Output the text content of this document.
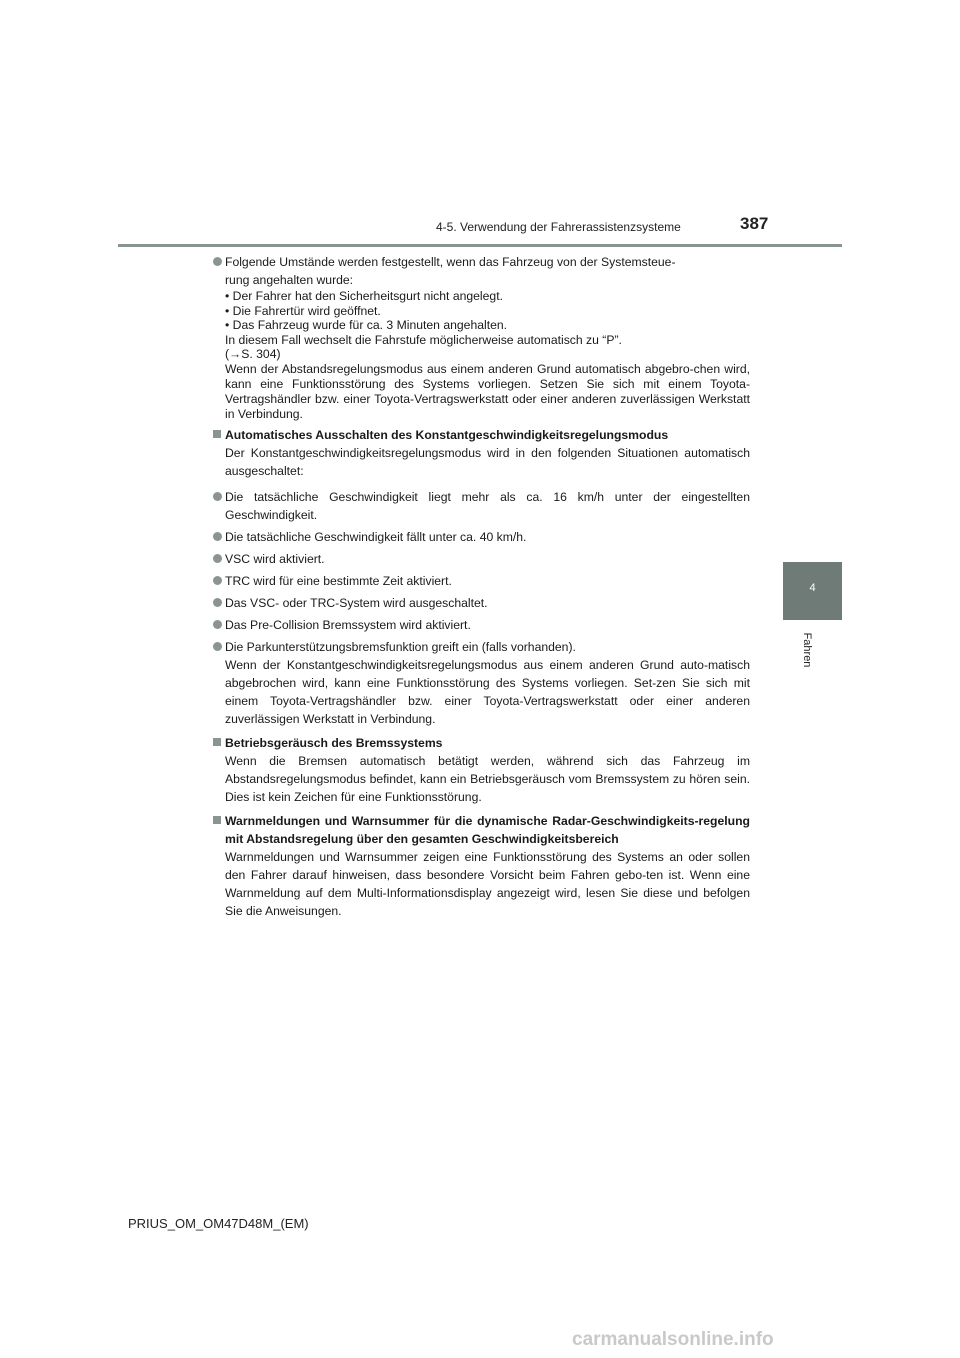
4-5. Verwendung der Fahrerassistenzsysteme	387
4
Fahren

Folgende Umstände werden festgestellt, wenn das Fahrzeug von der Systemsteue-

rung angehalten wurde:

• Der Fahrer hat den Sicherheitsgurt nicht angelegt.

• Die Fahrertür wird geöffnet.

• Das Fahrzeug wurde für ca. 3 Minuten angehalten.

In diesem Fall wechselt die Fahrstufe möglicherweise automatisch zu “P”.

(→S. 304)

Wenn der Abstandsregelungsmodus aus einem anderen Grund automatisch abgebro-chen wird, kann eine Funktionsstörung des Systems vorliegen. Setzen Sie sich mit einem Toyota-Vertragshändler bzw. einer Toyota-Vertragswerkstatt oder einer anderen zuverlässigen Werkstatt in Verbindung.

Automatisches Ausschalten des Konstantgeschwindigkeitsregelungsmodus

Der Konstantgeschwindigkeitsregelungsmodus wird in den folgenden Situationen automatisch ausgeschaltet:

Die tatsächliche Geschwindigkeit liegt mehr als ca. 16 km/h unter der eingestellten Geschwindigkeit.

Die tatsächliche Geschwindigkeit fällt unter ca. 40 km/h.

VSC wird aktiviert.

TRC wird für eine bestimmte Zeit aktiviert.

Das VSC- oder TRC-System wird ausgeschaltet.

Das Pre-Collision Bremssystem wird aktiviert.

Die Parkunterstützungsbremsfunktion greift ein (falls vorhanden).

Wenn der Konstantgeschwindigkeitsregelungsmodus aus einem anderen Grund auto-matisch abgebrochen wird, kann eine Funktionsstörung des Systems vorliegen. Set-zen Sie sich mit einem Toyota-Vertragshändler bzw. einer Toyota-Vertragswerkstatt oder einer anderen zuverlässigen Werkstatt in Verbindung.

Betriebsgeräusch des Bremssystems

Wenn die Bremsen automatisch betätigt werden, während sich das Fahrzeug im Abstandsregelungsmodus befindet, kann ein Betriebsgeräusch vom Bremssystem zu hören sein. Dies ist kein Zeichen für eine Funktionsstörung.

Warnmeldungen und Warnsummer für die dynamische Radar-Geschwindigkeits-regelung mit Abstandsregelung über den gesamten Geschwindigkeitsbereich

Warnmeldungen und Warnsummer zeigen eine Funktionsstörung des Systems an oder sollen den Fahrer darauf hinweisen, dass besondere Vorsicht beim Fahren gebo-ten ist. Wenn eine Warnmeldung auf dem Multi-Informationsdisplay angezeigt wird, lesen Sie diese und befolgen Sie die Anweisungen.

PRIUS_OM_OM47D48M_(EM)
carmanualsonline.info
